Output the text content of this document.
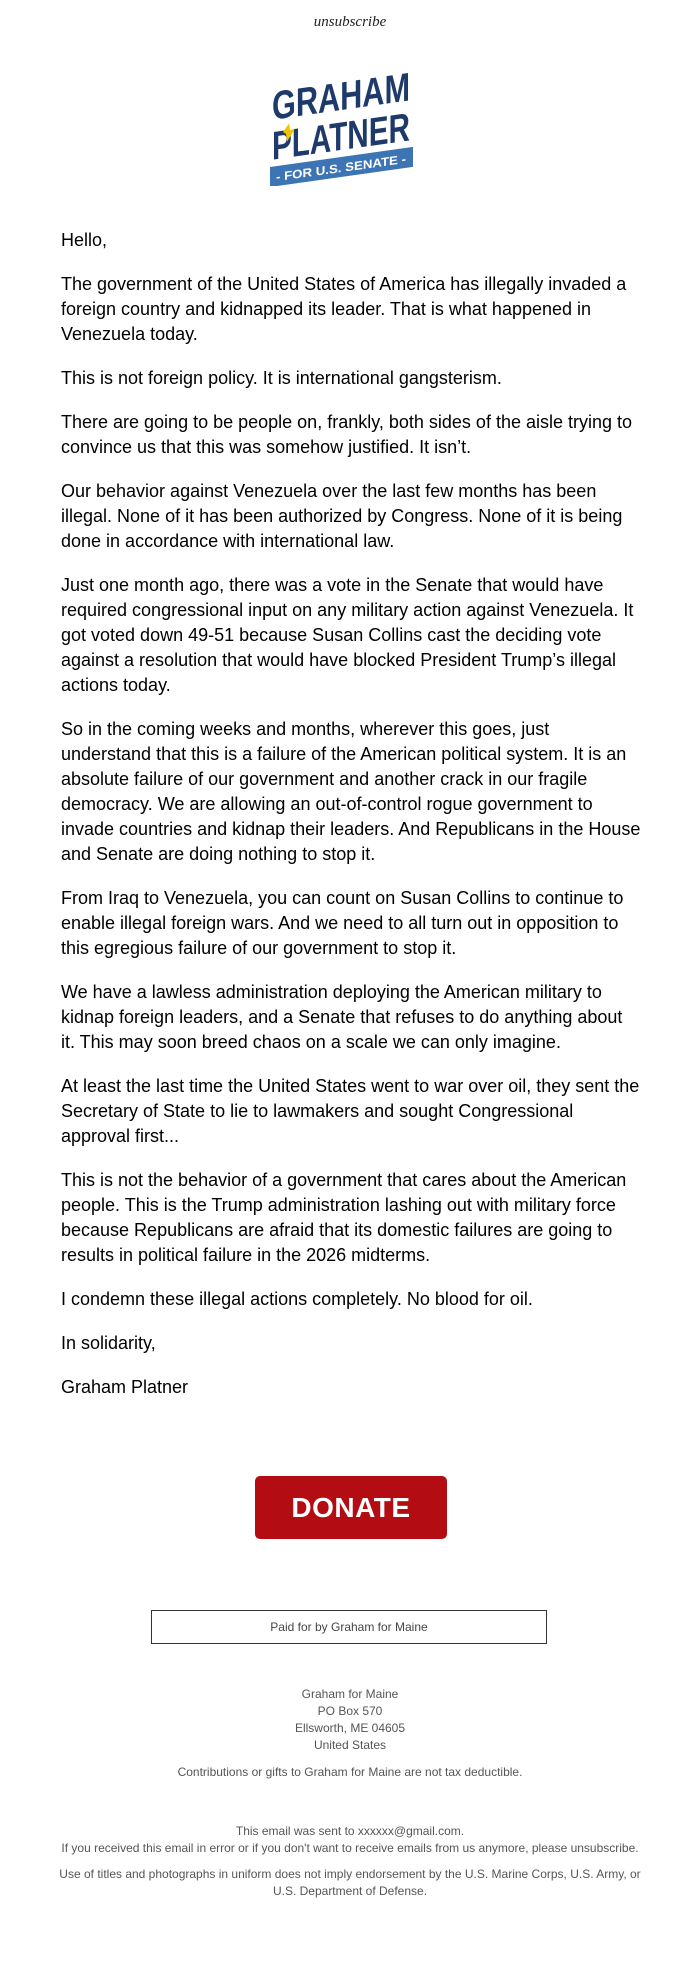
unsubscribe
GRAHAM
PLATNER
- FOR U.S. SENATE -

Hello,

The government of the United States of America has illegally invaded a foreign country and kidnapped its leader. That is what happened in Venezuela today.

This is not foreign policy. It is international gangsterism.

There are going to be people on, frankly, both sides of the aisle trying to convince us that this was somehow justified. It isn’t.

Our behavior against Venezuela over the last few months has been illegal. None of it has been authorized by Congress. None of it is being done in accordance with international law.

Just one month ago, there was a vote in the Senate that would have required congressional input on any military action against Venezuela. It got voted down 49-51 because Susan Collins cast the deciding vote against a resolution that would have blocked President Trump’s illegal actions today.

So in the coming weeks and months, wherever this goes, just understand that this is a failure of the American political system. It is an absolute failure of our government and another crack in our fragile democracy. We are allowing an out-of-control rogue government to invade countries and kidnap their leaders. And Republicans in the House and Senate are doing nothing to stop it.

From Iraq to Venezuela, you can count on Susan Collins to continue to enable illegal foreign wars. And we need to all turn out in opposition to this egregious failure of our government to stop it.

We have a lawless administration deploying the American military to kidnap foreign leaders, and a Senate that refuses to do anything about it. This may soon breed chaos on a scale we can only imagine.

At least the last time the United States went to war over oil, they sent the Secretary of State to lie to lawmakers and sought Congressional approval first...

This is not the behavior of a government that cares about the American people. This is the Trump administration lashing out with military force because Republicans are afraid that its domestic failures are going to results in political failure in the 2026 midterms.

I condemn these illegal actions completely. No blood for oil.

In solidarity,

Graham Platner

DONATE
Paid for by Graham for Maine
Graham for Maine
PO Box 570
Ellsworth, ME 04605
United States
Contributions or gifts to Graham for Maine are not tax deductible.
This email was sent to xxxxxx@gmail.com.
If you received this email in error or if you don't want to receive emails from us anymore, please unsubscribe.
Use of titles and photographs in uniform does not imply endorsement by the U.S. Marine Corps, U.S. Army, or U.S. Department of Defense.
